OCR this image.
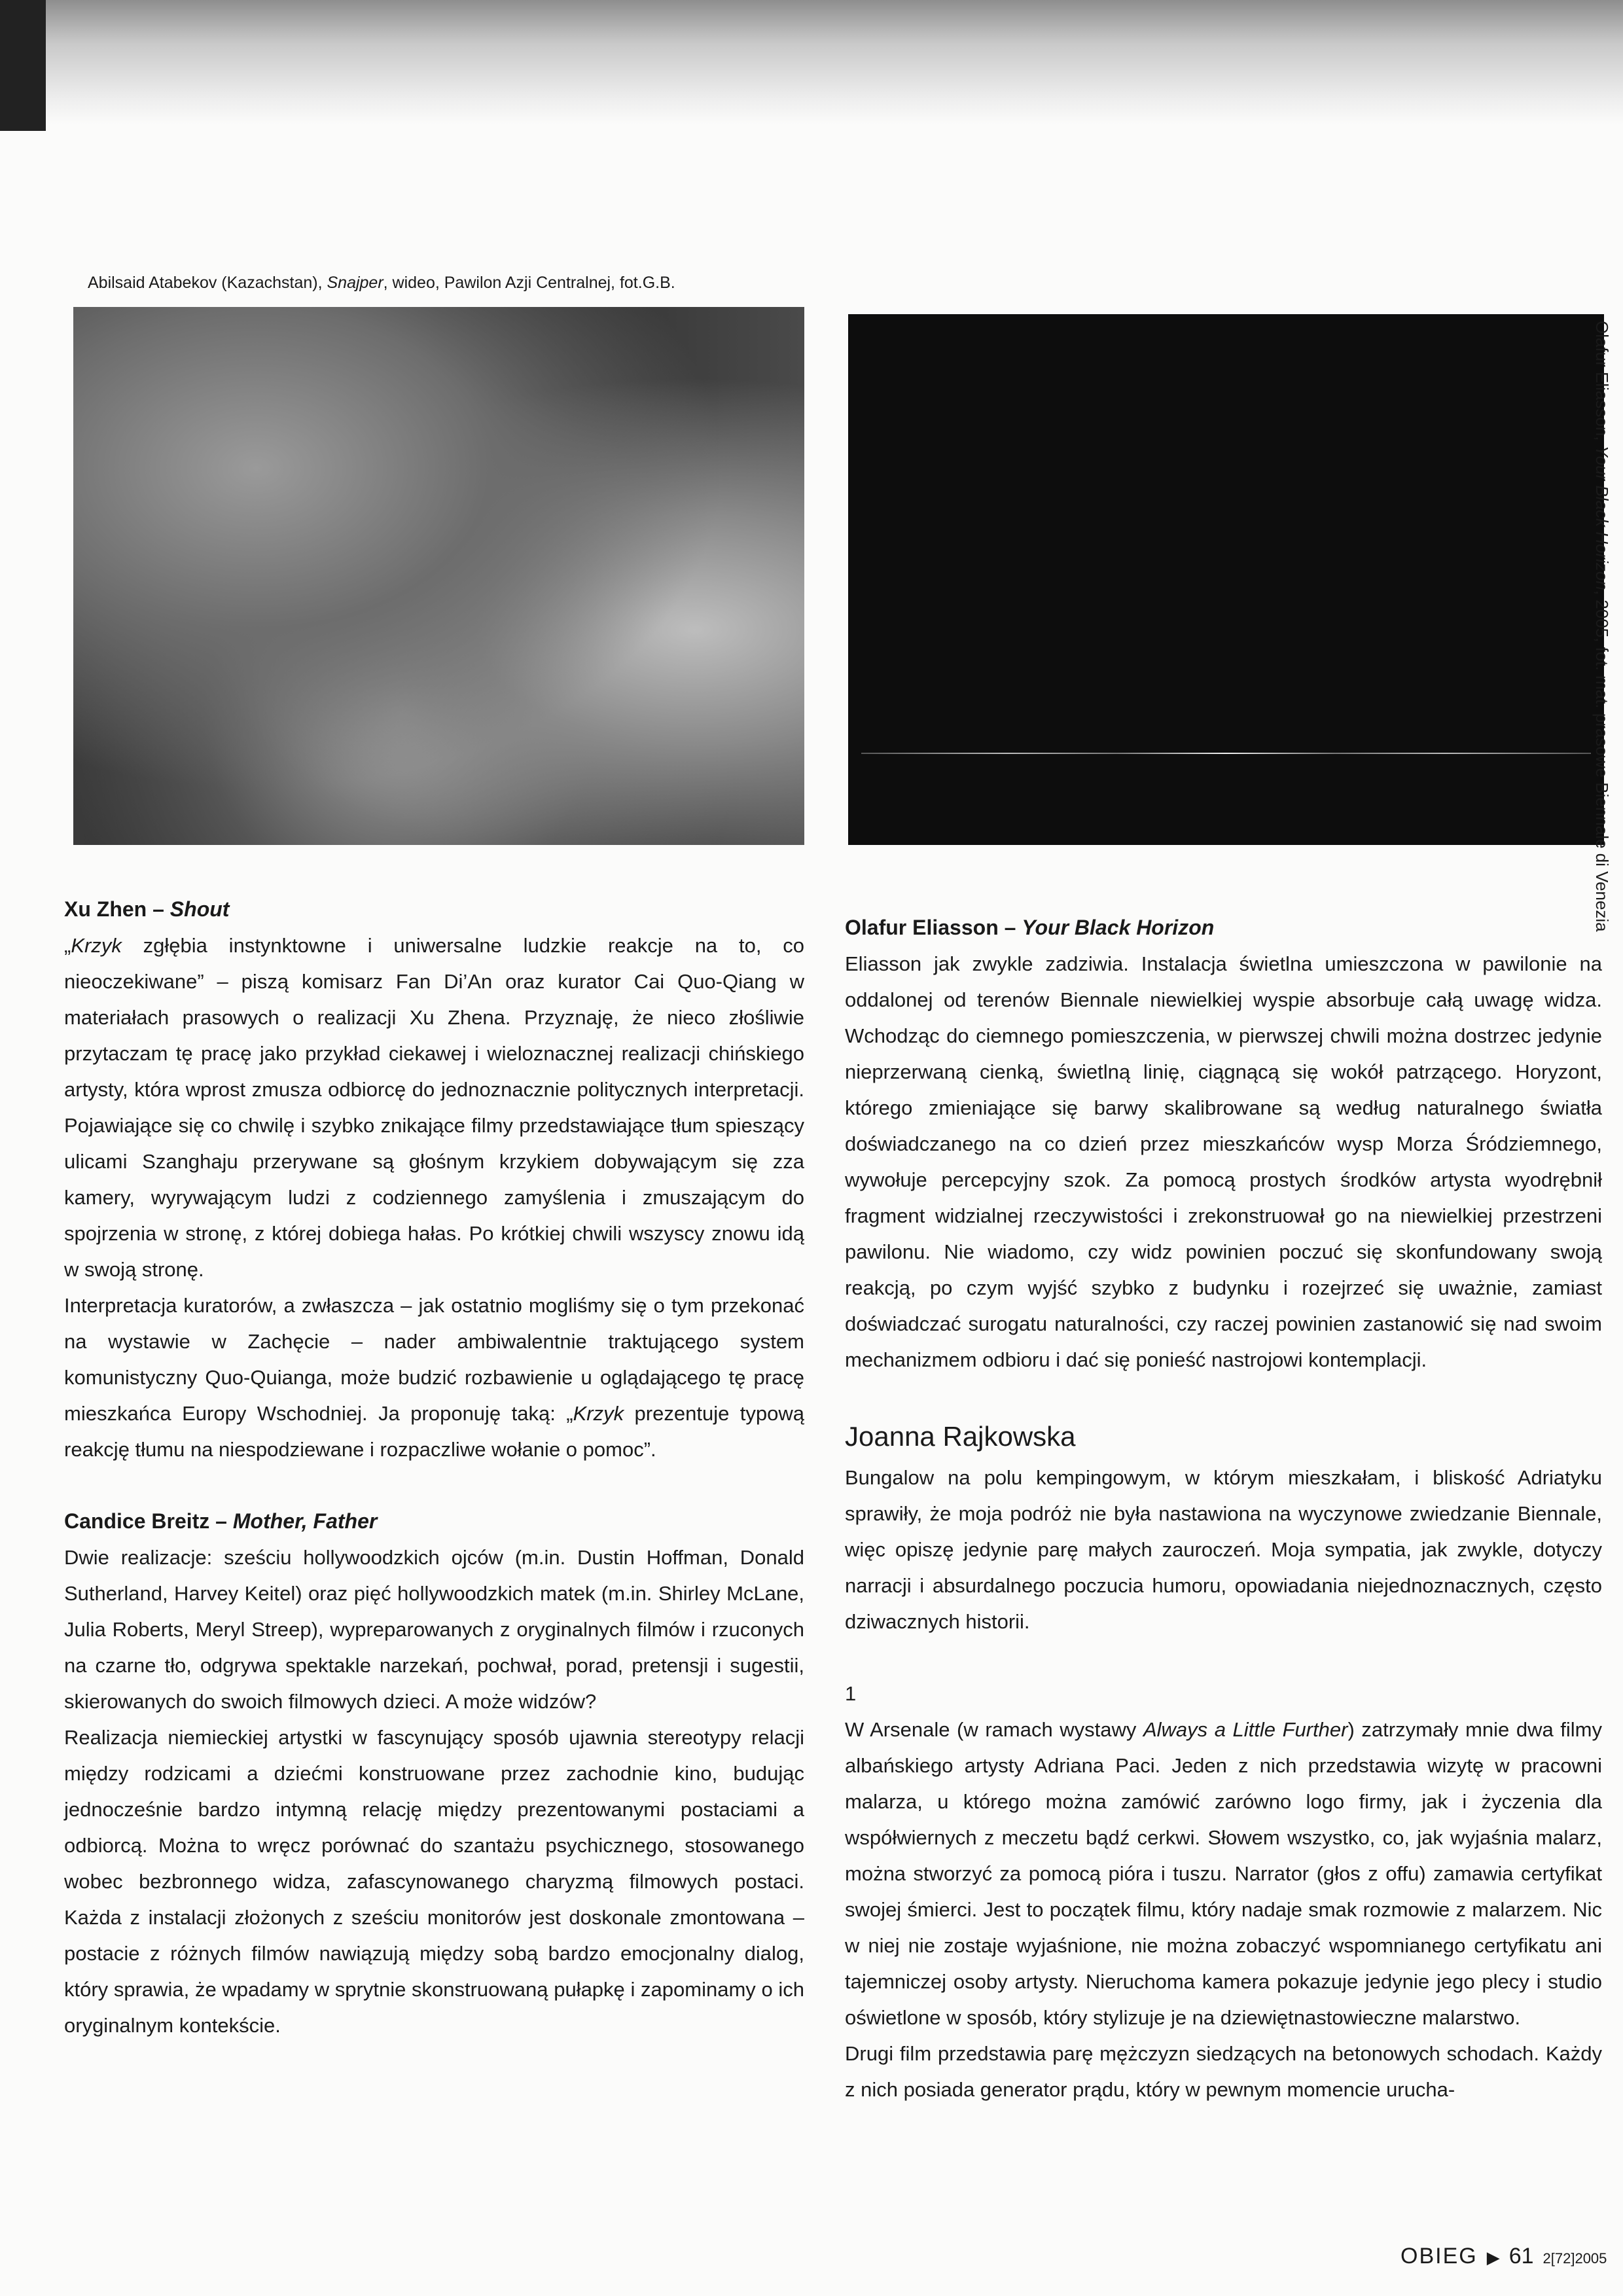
Abilsaid Atabekov (Kazachstan), Snajper, wideo, Pawilon Azji Centralnej, fot.G.B.
Olafur Eliasson, Your Black Horizon, 2005, fot. mat. prasowe Biennale di Venezia
Xu Zhen – Shout

„Krzyk zgłębia instynktowne i uniwersalne ludzkie reakcje na to, co nieoczekiwane” – piszą komisarz Fan Di’An oraz kurator Cai Quo-Qiang w materiałach prasowych o realizacji Xu Zhena. Przyznaję, że nieco złośliwie przytaczam tę pracę jako przykład ciekawej i wieloznacznej realizacji chińskiego artysty, która wprost zmusza odbiorcę do jednoznacznie politycznych interpretacji. Pojawiające się co chwilę i szybko znikające filmy przedstawiające tłum spieszący ulicami Szanghaju przerywane są głośnym krzykiem dobywającym się zza kamery, wyrywającym ludzi z codziennego zamyślenia i zmuszającym do spojrzenia w stronę, z której dobiega hałas. Po krótkiej chwili wszyscy znowu idą w swoją stronę.

Interpretacja kuratorów, a zwłaszcza – jak ostatnio mogliśmy się o tym przekonać na wystawie w Zachęcie – nader ambiwalentnie traktującego system komunistyczny Quo-Quianga, może budzić rozbawienie u oglądającego tę pracę mieszkańca Europy Wschodniej. Ja proponuję taką: „Krzyk prezentuje typową reakcję tłumu na niespodziewane i rozpaczliwe wołanie o pomoc”.

Candice Breitz – Mother, Father

Dwie realizacje: sześciu hollywoodzkich ojców (m.in. Dustin Hoffman, Donald Sutherland, Harvey Keitel) oraz pięć hollywoodzkich matek (m.in. Shirley McLane, Julia Roberts, Meryl Streep), wypreparowanych z oryginalnych filmów i rzuconych na czarne tło, odgrywa spektakle narzekań, pochwał, porad, pretensji i sugestii, skierowanych do swoich filmowych dzieci. A może widzów?

Realizacja niemieckiej artystki w fascynujący sposób ujawnia stereotypy relacji między rodzicami a dziećmi konstruowane przez zachodnie kino, budując jednocześnie bardzo intymną relację między prezentowanymi postaciami a odbiorcą. Można to wręcz porównać do szantażu psychicznego, stosowanego wobec bezbronnego widza, zafascynowanego charyzmą filmowych postaci. Każda z instalacji złożonych z sześciu monitorów jest doskonale zmontowana – postacie z różnych filmów nawiązują między sobą bardzo emocjonalny dialog, który sprawia, że wpadamy w sprytnie skonstruowaną pułapkę i zapominamy o ich oryginalnym kontekście.

Olafur Eliasson – Your Black Horizon

Eliasson jak zwykle zadziwia. Instalacja świetlna umieszczona w pawilonie na oddalonej od terenów Biennale niewielkiej wyspie absorbuje całą uwagę widza. Wchodząc do ciemnego pomieszczenia, w pierwszej chwili można dostrzec jedynie nieprzerwaną cienką, świetlną linię, ciągnącą się wokół patrzącego. Horyzont, którego zmieniające się barwy skalibrowane są według naturalnego światła doświadczanego na co dzień przez mieszkańców wysp Morza Śródziemnego, wywołuje percepcyjny szok. Za pomocą prostych środków artysta wyodrębnił fragment widzialnej rzeczywistości i zrekonstruował go na niewielkiej przestrzeni pawilonu. Nie wiadomo, czy widz powinien poczuć się skonfundowany swoją reakcją, po czym wyjść szybko z budynku i rozejrzeć się uważnie, zamiast doświadczać surogatu naturalności, czy raczej powinien zastanowić się nad swoim mechanizmem odbioru i dać się ponieść nastrojowi kontemplacji.

Joanna Rajkowska

Bungalow na polu kempingowym, w którym mieszkałam, i bliskość Adriatyku sprawiły, że moja podróż nie była nastawiona na wyczynowe zwiedzanie Biennale, więc opiszę jedynie parę małych zauroczeń. Moja sympatia, jak zwykle, dotyczy narracji i absurdalnego poczucia humoru, opowiadania niejednoznacznych, często dziwacznych historii.

1

W Arsenale (w ramach wystawy Always a Little Further) zatrzymały mnie dwa filmy albańskiego artysty Adriana Paci. Jeden z nich przedstawia wizytę w pracowni malarza, u którego można zamówić zarówno logo firmy, jak i życzenia dla współwiernych z meczetu bądź cerkwi. Słowem wszystko, co, jak wyjaśnia malarz, można stworzyć za pomocą pióra i tuszu. Narrator (głos z offu) zamawia certyfikat swojej śmierci. Jest to początek filmu, który nadaje smak rozmowie z malarzem. Nic w niej nie zostaje wyjaśnione, nie można zobaczyć wspomnianego certyfikatu ani tajemniczej osoby artysty. Nieruchoma kamera pokazuje jedynie jego plecy i studio oświetlone w sposób, który stylizuje je na dziewiętnastowieczne malarstwo.

Drugi film przedstawia parę mężczyzn siedzących na betonowych schodach. Każdy z nich posiada generator prądu, który w pewnym momencie urucha-

OBIEG ▶ 61 2[72]2005
